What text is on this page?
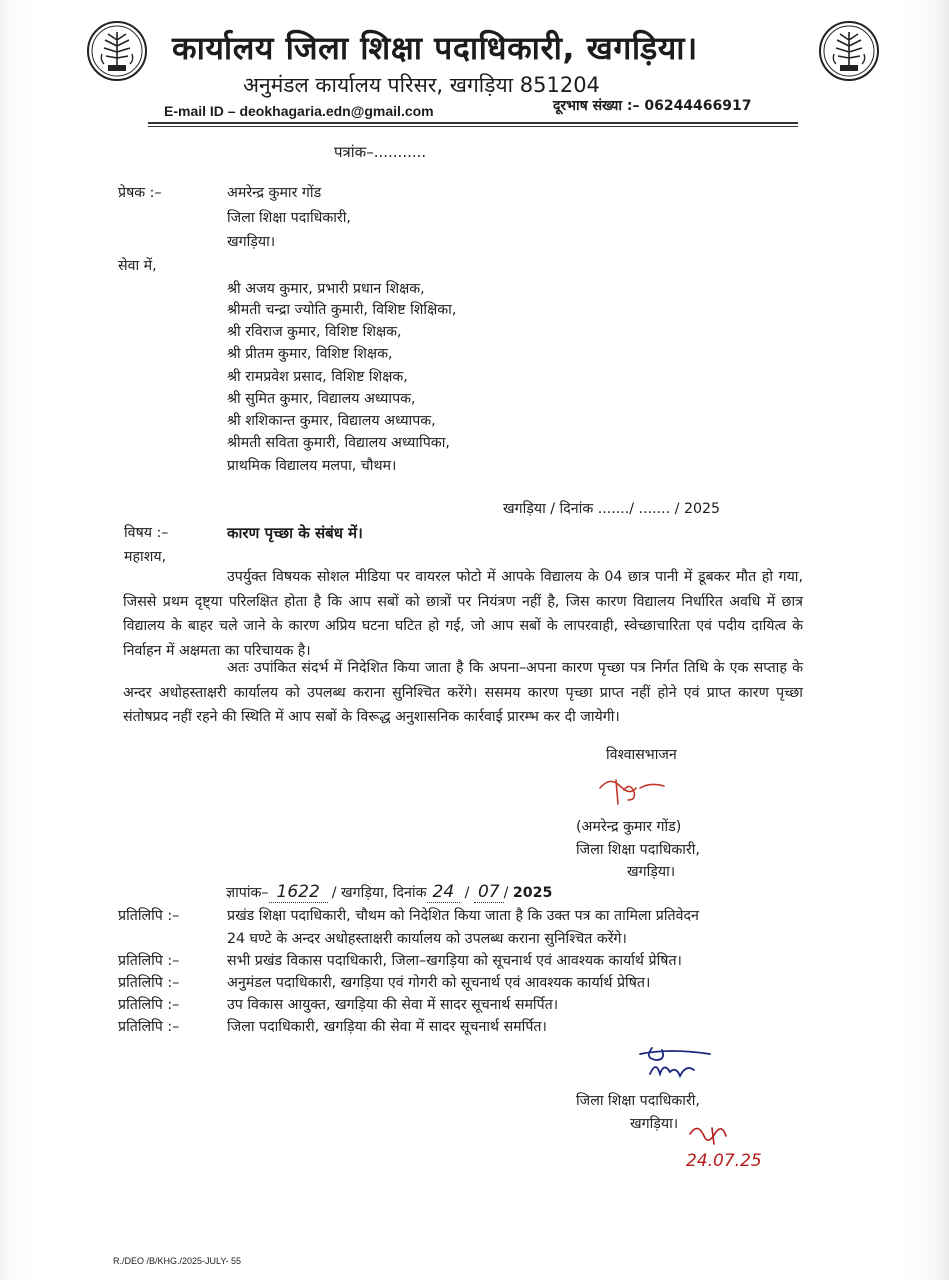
कार्यालय जिला शिक्षा पदाधिकारी, खगड़िया।
अनुमंडल कार्यालय परिसर, खगड़िया 851204
E-mail ID – deokhagaria.edn@gmail.com	दूरभाष संख्या :– 06244466917
पत्रांक–...........
प्रेषक :–	अमरेन्द्र कुमार गोंड
जिला शिक्षा पदाधिकारी,
खगड़िया।
सेवा में,
श्री अजय कुमार, प्रभारी प्रधान शिक्षक,
श्रीमती चन्द्रा ज्योति कुमारी, विशिष्ट शिक्षिका,
श्री रविराज कुमार, विशिष्ट शिक्षक,
श्री प्रीतम कुमार, विशिष्ट शिक्षक,
श्री रामप्रवेश प्रसाद, विशिष्ट शिक्षक,
श्री सुमित कुमार, विद्यालय अध्यापक,
श्री शशिकान्त कुमार, विद्यालय अध्यापक,
श्रीमती सविता कुमारी, विद्यालय अध्यापिका,
प्राथमिक विद्यालय मलपा, चौथम।
खगड़िया / दिनांक ......./ ....... / 2025
विषय :–	कारण पृच्छा के संबंध में।
महाशय,
उपर्युक्त विषयक सोशल मीडिया पर वायरल फोटो में आपके विद्यालय के 04 छात्र पानी में डूबकर मौत हो गया, जिससे प्रथम दृष्ट्या परिलक्षित होता है कि आप सबों को छात्रों पर नियंत्रण नहीं है, जिस कारण विद्यालय निर्धारित अवधि में छात्र विद्यालय के बाहर चले जाने के कारण अप्रिय घटना घटित हो गई, जो आप सबों के लापरवाही, स्वेच्छाचारिता एवं पदीय दायित्व के निर्वाहन में अक्षमता का परिचायक है।
अतः उपांकित संदर्भ में निदेशित किया जाता है कि अपना–अपना कारण पृच्छा पत्र निर्गत तिथि के एक सप्ताह के अन्दर अधोहस्ताक्षरी कार्यालय को उपलब्ध कराना सुनिश्चित करेंगे। ससमय कारण पृच्छा प्राप्त नहीं होने एवं प्राप्त कारण पृच्छा संतोषप्रद नहीं रहने की स्थिति में आप सबों के विरूद्ध अनुशासनिक कार्रवाई प्रारम्भ कर दी जायेगी।
विश्वासभाजन
(अमरेन्द्र कुमार गोंड)
जिला शिक्षा पदाधिकारी,
खगड़िया।
ज्ञापांक– 1622 / खगड़िया, दिनांक 24 / 07 / 2025
प्रतिलिपि :–	प्रखंड शिक्षा पदाधिकारी, चौथम को निदेशित किया जाता है कि उक्त पत्र का तामिला प्रतिवेदन
24 घण्टे के अन्दर अधोहस्ताक्षरी कार्यालय को उपलब्ध कराना सुनिश्चित करेंगे।
प्रतिलिपि :–	सभी प्रखंड विकास पदाधिकारी, जिला–खगड़िया को सूचनार्थ एवं आवश्यक कार्यार्थ प्रेषित।
प्रतिलिपि :–	अनुमंडल पदाधिकारी, खगड़िया एवं गोगरी को सूचनार्थ एवं आवश्यक कार्यार्थ प्रेषित।
प्रतिलिपि :–	उप विकास आयुक्त, खगड़िया की सेवा में सादर सूचनार्थ समर्पित।
प्रतिलिपि :–	जिला पदाधिकारी, खगड़िया की सेवा में सादर सूचनार्थ समर्पित।
जिला शिक्षा पदाधिकारी,
खगड़िया।
24.07.25
R./DEO /B/KHG./2025-JULY- 55
